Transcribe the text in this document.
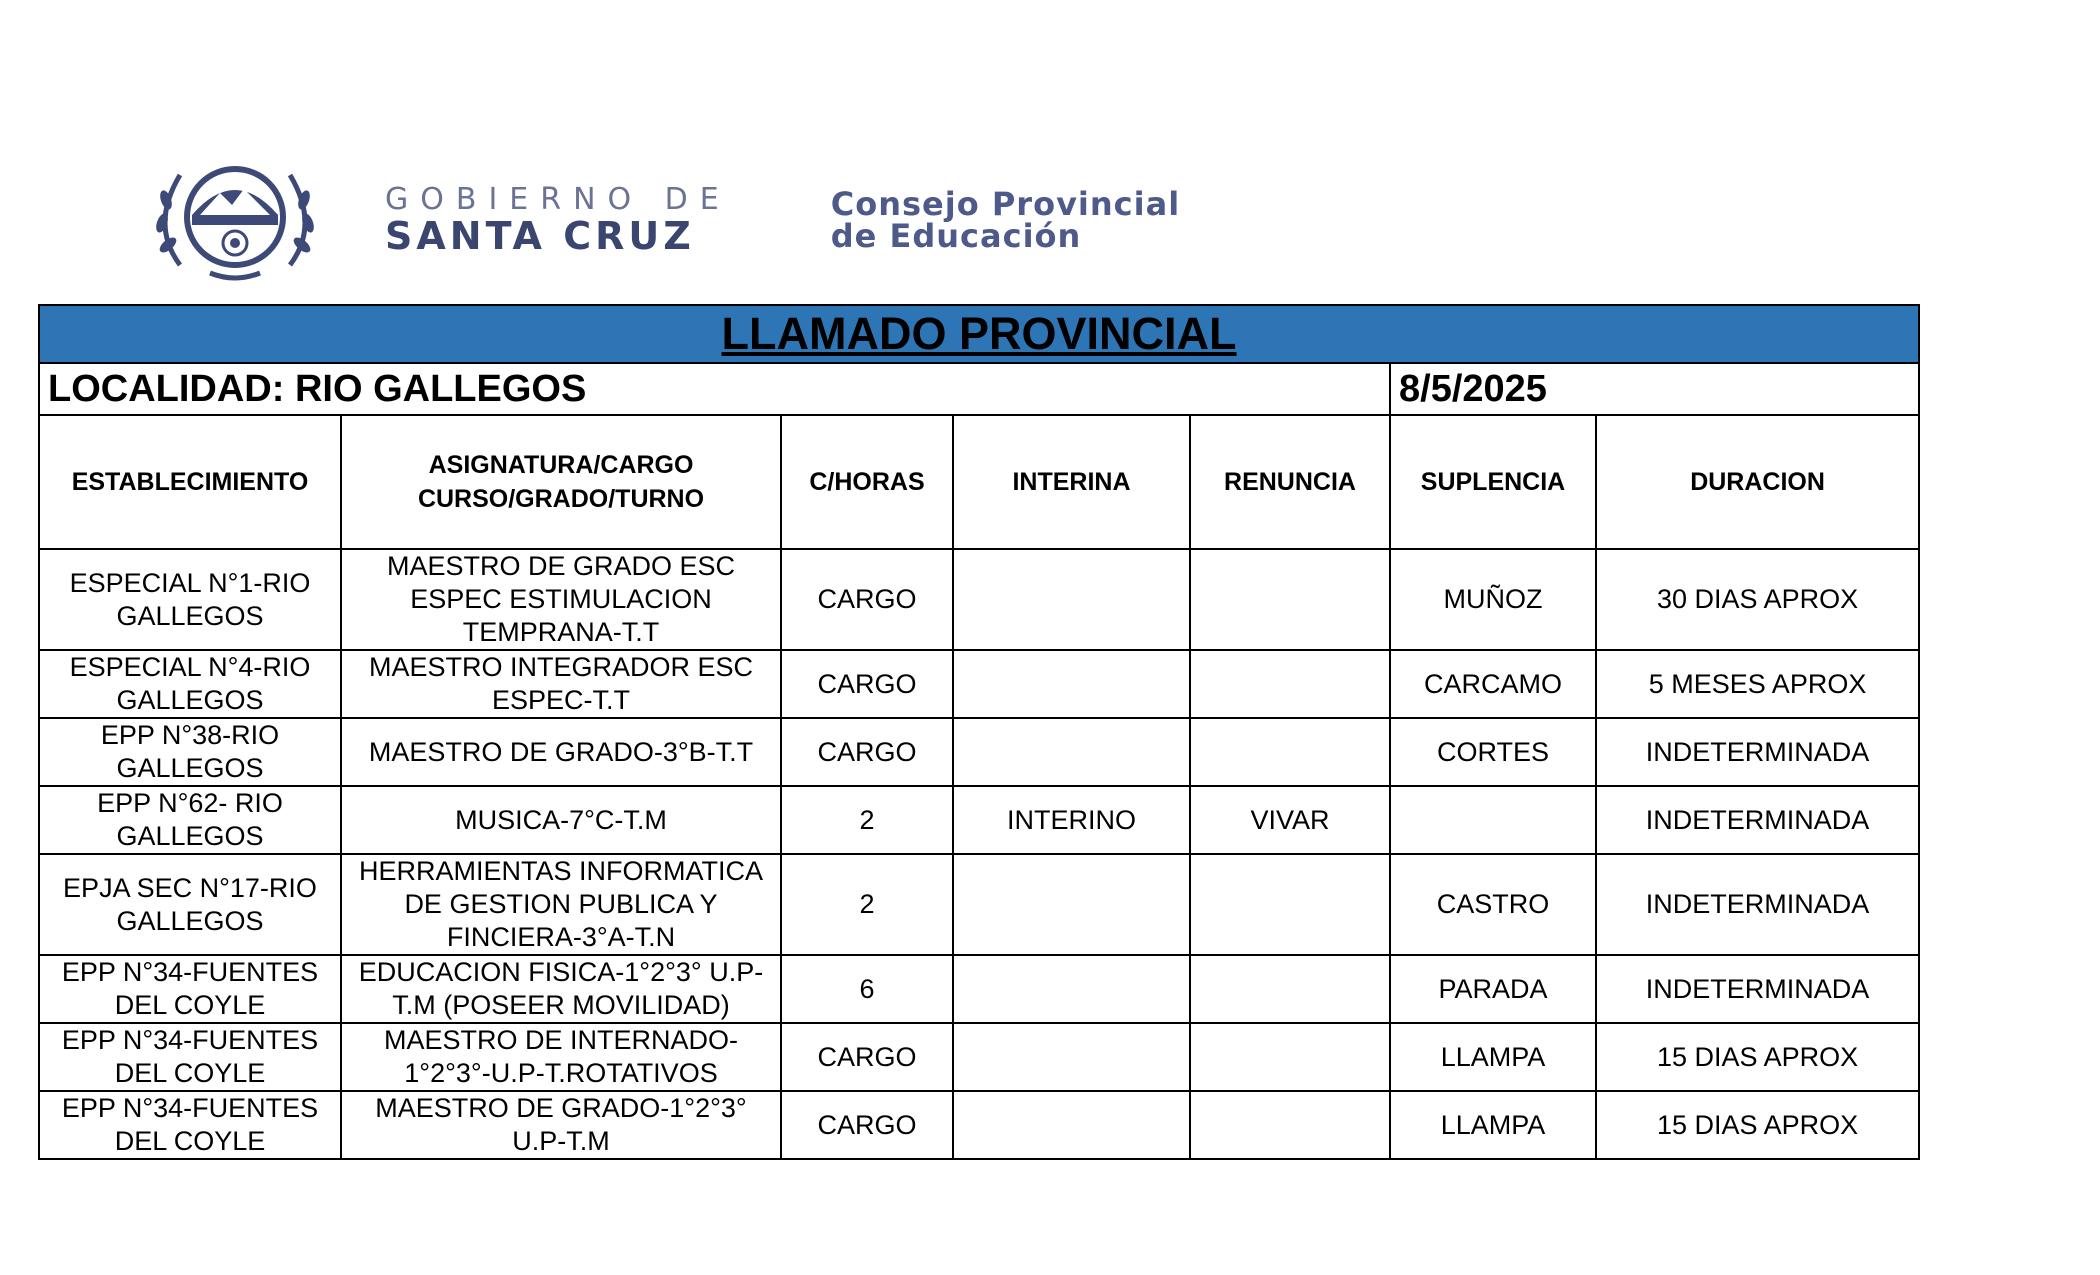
GOBIERNO DE
SANTA CRUZ
Consejo Provincial
de Educación
LLAMADO PROVINCIAL						
LOCALIDAD: RIO GALLEGOS					8/5/2025	
ESTABLECIMIENTO	ASIGNATURA/CARGO CURSO/GRADO/TURNO	C/HORAS	INTERINA	RENUNCIA	SUPLENCIA	DURACION
ESPECIAL N°1-RIO GALLEGOS	MAESTRO DE GRADO ESC ESPEC ESTIMULACION TEMPRANA-T.T	CARGO			MUÑOZ	30 DIAS APROX
ESPECIAL N°4-RIO GALLEGOS	MAESTRO INTEGRADOR ESC ESPEC-T.T	CARGO			CARCAMO	5 MESES APROX
EPP N°38-RIO GALLEGOS	MAESTRO DE GRADO-3°B-T.T	CARGO			CORTES	INDETERMINADA
EPP N°62- RIO GALLEGOS	MUSICA-7°C-T.M	2	INTERINO	VIVAR		INDETERMINADA
EPJA SEC N°17-RIO GALLEGOS	HERRAMIENTAS INFORMATICA DE GESTION PUBLICA Y FINCIERA-3°A-T.N	2			CASTRO	INDETERMINADA
EPP N°34-FUENTES DEL COYLE	EDUCACION FISICA-1°2°3° U.P-T.M (POSEER MOVILIDAD)	6			PARADA	INDETERMINADA
EPP N°34-FUENTES DEL COYLE	MAESTRO DE INTERNADO-1°2°3°-U.P-T.ROTATIVOS	CARGO			LLAMPA	15 DIAS APROX
EPP N°34-FUENTES DEL COYLE	MAESTRO DE GRADO-1°2°3° U.P-T.M	CARGO			LLAMPA	15 DIAS APROX
